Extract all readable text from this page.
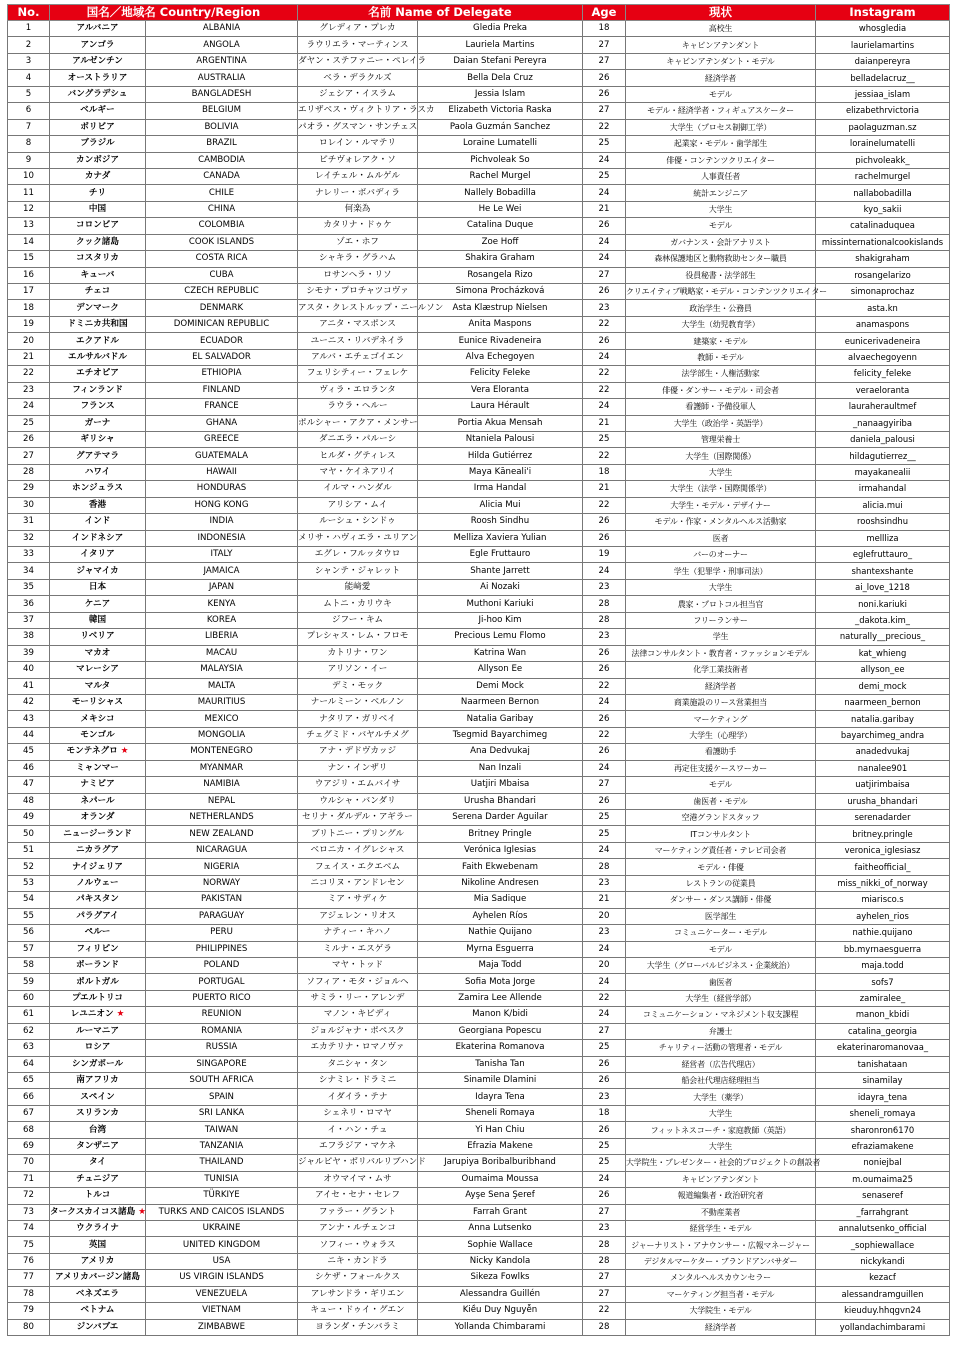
No.	国名／地域名 Country/Region		名前 Name of Delegate		Age	現状	Instagram
1	アルバニア	ALBANIA	グレディア・プレカ	Gledia Preka	18	高校生	whosgledia
2	アンゴラ	ANGOLA	ラウリエラ・マーティンス	Lauriela Martins	27	キャビンアテンダント	laurielamartins
3	アルゼンチン	ARGENTINA	ダヤン・ステファニー・ペレイラ	Daian Stefani Pereyra	27	キャビンアテンダント・モデル	daianpereyra
4	オーストラリア	AUSTRALIA	ベラ・デラクルズ	Bella Dela Cruz	26	経済学者	belladelacruz__
5	バングラデシュ	BANGLADESH	ジェシア・イスラム	Jessia Islam	26	モデル	jessiaa_islam
6	ベルギー	BELGIUM	エリザベス・ヴィクトリア・ラスカ	Elizabeth Victoria Raska	27	モデル・経済学者・フィギュアスケーター	elizabethrvictoria
7	ボリビア	BOLIVIA	パオラ・グスマン・サンチェス	Paola Guzmán Sanchez	22	大学生（プロセス制御工学）	paolaguzman.sz
8	ブラジル	BRAZIL	ロレイン・ルマテリ	Loraine Lumatelli	25	起業家・モデル・歯学部生	lorainelumatelli
9	カンボジア	CAMBODIA	ピチヴォレアク・ソ	Pichvoleak So	24	俳優・コンテンツクリエイター	pichvoleakk_
10	カナダ	CANADA	レイチェル・ムルゲル	Rachel Murgel	25	人事責任者	rachelmurgel
11	チリ	CHILE	ナレリー・ボバディラ	Nallely Bobadilla	24	統計エンジニア	nallabobadilla
12	中国	CHINA	何楽為	He Le Wei	21	大学生	kyo_sakii
13	コロンビア	COLOMBIA	カタリナ・ドゥケ	Catalina Duque	26	モデル	catalinaduquea
14	クック諸島	COOK ISLANDS	ゾエ・ホフ	Zoe Hoff	24	ガバナンス・会計アナリスト	missinternationalcookislands
15	コスタリカ	COSTA RICA	シャキラ・グラハム	Shakira Graham	24	森林保護地区と動物救助センター職員	shakigraham
16	キューバ	CUBA	ロサンヘラ・リソ	Rosangela Rizo	27	役員秘書・法学部生	rosangelarizo
17	チェコ	CZECH REPUBLIC	シモナ・プロチャツコヴァ	Simona Procházková	26	クリエイティブ戦略家・モデル・コンテンツクリエイター	simonaprochaz
18	デンマーク	DENMARK	アスタ・クレストルップ・ニールソン	Asta Klæstrup Nielsen	23	政治学生・公務員	asta.kn
19	ドミニカ共和国	DOMINICAN REPUBLIC	アニタ・マスポンス	Anita Maspons	22	大学生（幼児教育学）	anamaspons
20	エクアドル	ECUADOR	ユーニス・リバデネイラ	Eunice Rivadeneira	26	建築家・モデル	eunicerivadeneira
21	エルサルバドル	EL SALVADOR	アルバ・エチェゴイエン	Alva Echegoyen	24	教師・モデル	alvaechegoyenn
22	エチオピア	ETHIOPIA	フェリシティー・フェレケ	Felicity Feleke	22	法学部生・人権活動家	felicity_feleke
23	フィンランド	FINLAND	ヴィラ・エロランタ	Vera Eloranta	22	俳優・ダンサー・モデル・司会者	veraeloranta
24	フランス	FRANCE	ラウラ・ヘルー	Laura Hérault	24	看護師・予備役軍人	lauraheraultmef
25	ガーナ	GHANA	ポルシャー・アクア・メンサー	Portia Akua Mensah	21	大学生（政治学・英語学）	_nanaagyiriba
26	ギリシャ	GREECE	ダニエラ・パルーシ	Ntaniela Palousi	25	管理栄養士	daniela_palousi
27	グアテマラ	GUATEMALA	ヒルダ・グティレス	Hilda Gutiérrez	22	大学生（国際関係）	hildagutierrez__
28	ハワイ	HAWAII	マヤ・ケイネアリイ	Maya Kāneali'i	18	大学生	mayakanealii
29	ホンジュラス	HONDURAS	イルマ・ハンダル	Irma Handal	21	大学生（法学・国際関係学）	irmahandal
30	香港	HONG KONG	アリシア・ムイ	Alicia Mui	22	大学生・モデル・デザイナー	alicia.mui
31	インド	INDIA	ルーシュ・シンドゥ	Roosh Sindhu	26	モデル・作家・メンタルヘルス活動家	rooshsindhu
32	インドネシア	INDONESIA	メリサ・ハヴィエラ・ユリアン	Melliza Xaviera Yulian	26	医者	mellliza
33	イタリア	ITALY	エグレ・フルッタウロ	Egle Fruttauro	19	バーのオーナー	eglefruttauro_
34	ジャマイカ	JAMAICA	シャンテ・ジャレット	Shante Jarrett	24	学生（犯罪学・刑事司法）	shantexshante
35	日本	JAPAN	能﨑愛	Ai Nozaki	23	大学生	ai_love_1218
36	ケニア	KENYA	ムトニ・カリウキ	Muthoni Kariuki	28	農家・プロトコル担当官	noni.kariuki
37	韓国	KOREA	ジフー・キム	Ji-hoo Kim	28	フリーランサー	_dakota.kim_
38	リベリア	LIBERIA	プレシャス・レム・フロモ	Precious Lemu Flomo	23	学生	naturally__precious_
39	マカオ	MACAU	カトリナ・ワン	Katrina Wan	26	法律コンサルタント・教育者・ファッションモデル	kat_whieng
40	マレーシア	MALAYSIA	アリソン・イー	Allyson Ee	26	化学工業技術者	allyson_ee
41	マルタ	MALTA	デミ・モック	Demi Mock	22	経済学者	demi_mock
42	モーリシャス	MAURITIUS	ナールミーン・ベルノン	Naarmeen Bernon	24	商業施設のリース営業担当	naarmeen_bernon
43	メキシコ	MEXICO	ナタリア・ガリベイ	Natalia Garibay	26	マーケティング	natalia.garibay
44	モンゴル	MONGOLIA	チェグミド・バヤルチメグ	Tsegmid Bayarchimeg	22	大学生（心理学）	bayarchimeg_andra
45	モンテネグロ ★	MONTENEGRO	アナ・デドヴカッジ	Ana Dedvukaj	26	看護助手	anadedvukaj
46	ミャンマー	MYANMAR	ナン・インザリ	Nan Inzali	24	再定住支援ケースワーカー	nanalee901
47	ナミビア	NAMIBIA	ウアジリ・エムバイサ	Uatjiri Mbaisa	27	モデル	uatjirimbaisa
48	ネパール	NEPAL	ウルシャ・バンダリ	Urusha Bhandari	26	歯医者・モデル	urusha_bhandari
49	オランダ	NETHERLANDS	セリナ・ダルデル・アギラー	Serena Darder Aguilar	25	空港グランドスタッフ	serenadarder
50	ニュージーランド	NEW ZEALAND	ブリトニー・プリングル	Britney Pringle	25	ITコンサルタント	britney.pringle
51	ニカラグア	NICARAGUA	ベロニカ・イグレシャス	Verónica Iglesias	24	マーケティング責任者・テレビ司会者	veronica_iglesiasz
52	ナイジェリア	NIGERIA	フェイス・エクエベム	Faith Ekwebenam	28	モデル・俳優	faitheofficial_
53	ノルウェー	NORWAY	ニコリヌ・アンドレセン	Nikoline Andresen	23	レストランの従業員	miss_nikki_of_norway
54	パキスタン	PAKISTAN	ミア・サディケ	Mia Sadique	21	ダンサー・ダンス講師・俳優	miarisco.s
55	パラグアイ	PARAGUAY	アジェレン・リオス	Ayhelen Ríos	20	医学部生	ayhelen_rios
56	ペルー	PERU	ナティー・キハノ	Nathie Quijano	23	コミュニケーター・モデル	nathie.quijano
57	フィリピン	PHILIPPINES	ミルナ・エスゲラ	Myrna Esguerra	24	モデル	bb.myrnaesguerra
58	ポーランド	POLAND	マヤ・トッド	Maja Todd	20	大学生（グローバルビジネス・企業統治）	maja.todd
59	ポルトガル	PORTUGAL	ソフィア・モタ・ジョルヘ	Sofia Mota Jorge	24	歯医者	sofs7
60	プエルトリコ	PUERTO RICO	サミラ・リー・アレンデ	Zamira Lee Allende	22	大学生（経営学部）	zamiralee_
61	レユニオン ★	REUNION	マノン・キビディ	Manon K/bidi	24	コミュニケーション・マネジメント収支課程	manon_kbidi
62	ルーマニア	ROMANIA	ジョルジャナ・ポペスク	Georgiana Popescu	27	弁護士	catalina_georgia
63	ロシア	RUSSIA	エカテリナ・ロマノヴァ	Ekaterina Romanova	25	チャリティー活動の管理者・モデル	ekaterinaromanovaa_
64	シンガポール	SINGAPORE	タニシャ・タン	Tanisha Tan	26	経営者（広告代理店）	tanishataan
65	南アフリカ	SOUTH AFRICA	シナミレ・ドラミニ	Sinamile Dlamini	26	船会社代理店経理担当	sinamilay
66	スペイン	SPAIN	イダイラ・テナ	Idayra Tena	23	大学生（薬学）	idayra_tena
67	スリランカ	SRI LANKA	シェネリ・ロマヤ	Sheneli Romaya	18	大学生	sheneli_romaya
68	台湾	TAIWAN	イ・ハン・チュ	Yi Han Chiu	26	フィットネスコーチ・家庭教師（英語）	sharonron6170
69	タンザニア	TANZANIA	エフラジア・マケネ	Efrazia Makene	25	大学生	efraziamakene
70	タイ	THAILAND	ジャルピヤ・ボリバルリブハンド	Jarupiya Boribalburibhand	25	大学院生・プレゼンター・社会的プロジェクトの創設者	noniejbal
71	チュニジア	TUNISIA	オウマイマ・ムサ	Oumaima Moussa	24	キャビンアテンダント	m.oumaima25
72	トルコ	TÜRKIYE	アイセ・セナ・セレフ	Ayşe Sena Şeref	26	報道編集者・政治研究者	senaseref
73	タークスカイコス諸島 ★	TURKS AND CAICOS ISLANDS	ファラー・グラント	Farrah Grant	27	不動産業者	_farrahgrant
74	ウクライナ	UKRAINE	アンナ・ルチェンコ	Anna Lutsenko	23	経営学生・モデル	annalutsenko_official
75	英国	UNITED KINGDOM	ソフィー・ウォラス	Sophie Wallace	28	ジャーナリスト・アナウンサー・広報マネージャー	_sophiewallace
76	アメリカ	USA	ニキ・カンドラ	Nicky Kandola	28	デジタルマーケター・ブランドアンバサダー	nickykandi
77	アメリカバージン諸島	US VIRGIN ISLANDS	シケザ・フォールクス	Sikeza Fowlks	27	メンタルヘルスカウンセラー	kezacf
78	ベネズエラ	VENEZUELA	アレサンドラ・ギリエン	Alessandra Guillén	27	マーケティング担当者・モデル	alessandramguillen
79	ベトナム	VIETNAM	キュー・ドゥイ・グエン	Kiều Duy Nguyễn	22	大学院生・モデル	kieuduy.hhqgvn24
80	ジンバブエ	ZIMBABWE	ヨランダ・チンバラミ	Yollanda Chimbarami	28	経済学者	yollandachimbarami
